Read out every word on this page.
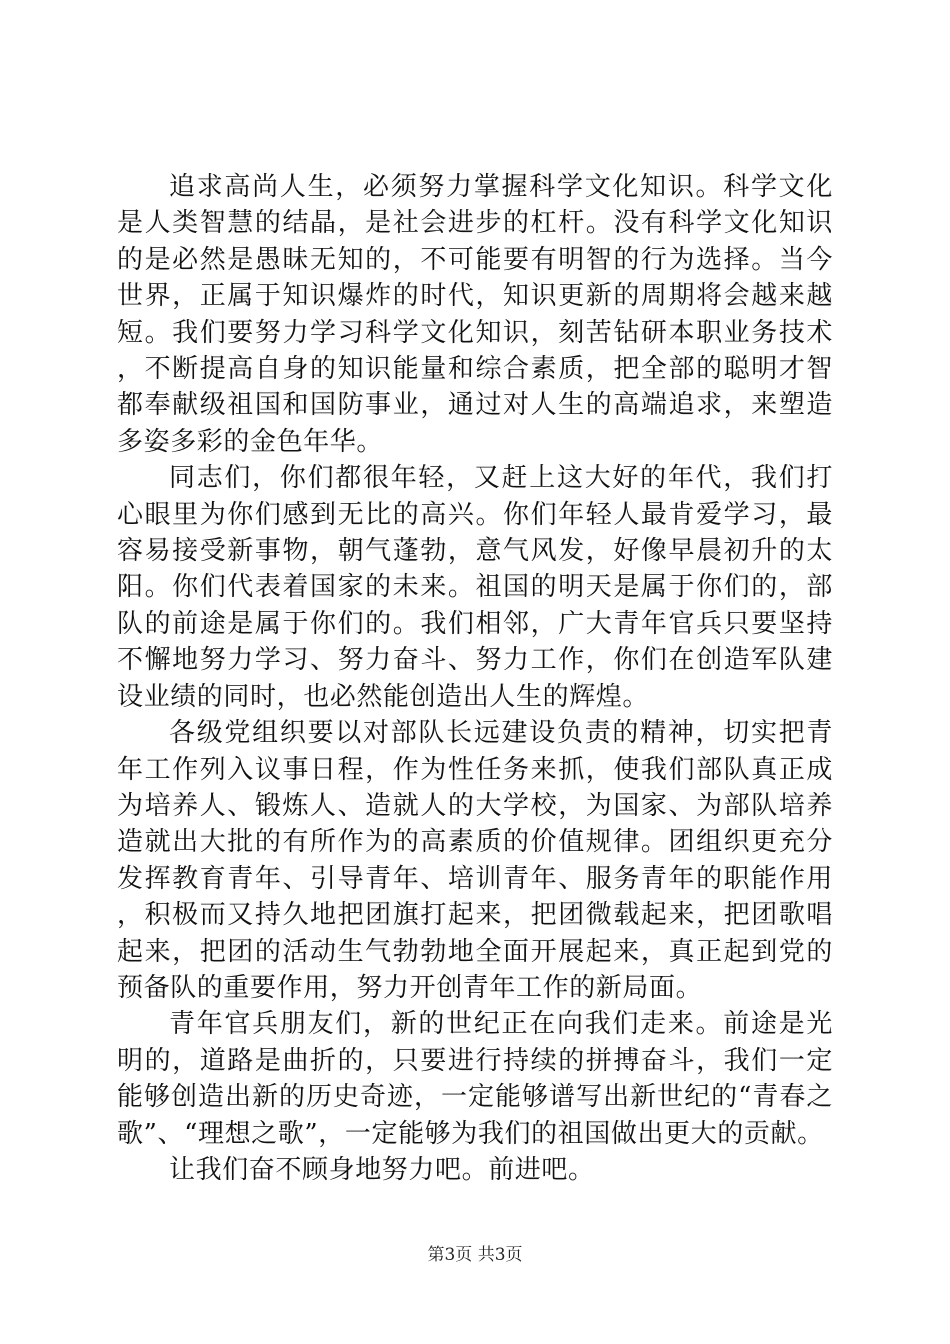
追求高尚人生，必须努力掌握科学文化知识。科学文化是人类智慧的结晶，是社会进步的杠杆。没有科学文化知识的是必然是愚昧无知的，不可能要有明智的行为选择。当今世界，正属于知识爆炸的时代，知识更新的周期将会越来越短。我们要努力学习科学文化知识，刻苦钻研本职业务技术，不断提高自身的知识能量和综合素质，把全部的聪明才智都奉献级祖国和国防事业，通过对人生的高端追求，来塑造多姿多彩的金色年华。

同志们，你们都很年轻，又赶上这大好的年代，我们打心眼里为你们感到无比的高兴。你们年轻人最肯爱学习，最容易接受新事物，朝气蓬勃，意气风发，好像早晨初升的太阳。你们代表着国家的未来。祖国的明天是属于你们的，部队的前途是属于你们的。我们相邻，广大青年官兵只要坚持不懈地努力学习、努力奋斗、努力工作，你们在创造军队建设业绩的同时，也必然能创造出人生的辉煌。

各级党组织要以对部队长远建设负责的精神，切实把青年工作列入议事日程，作为性任务来抓，使我们部队真正成为培养人、锻炼人、造就人的大学校，为国家、为部队培养造就出大批的有所作为的高素质的价值规律。团组织更充分发挥教育青年、引导青年、培训青年、服务青年的职能作用，积极而又持久地把团旗打起来，把团微载起来，把团歌唱起来，把团的活动生气勃勃地全面开展起来，真正起到党的预备队的重要作用，努力开创青年工作的新局面。

青年官兵朋友们，新的世纪正在向我们走来。前途是光明的，道路是曲折的，只要进行持续的拼搏奋斗，我们一定能够创造出新的历史奇迹，一定能够谱写出新世纪的“青春之歌”、“理想之歌”，一定能够为我们的祖国做出更大的贡献。

让我们奋不顾身地努力吧。前进吧。

第3页 共3页
